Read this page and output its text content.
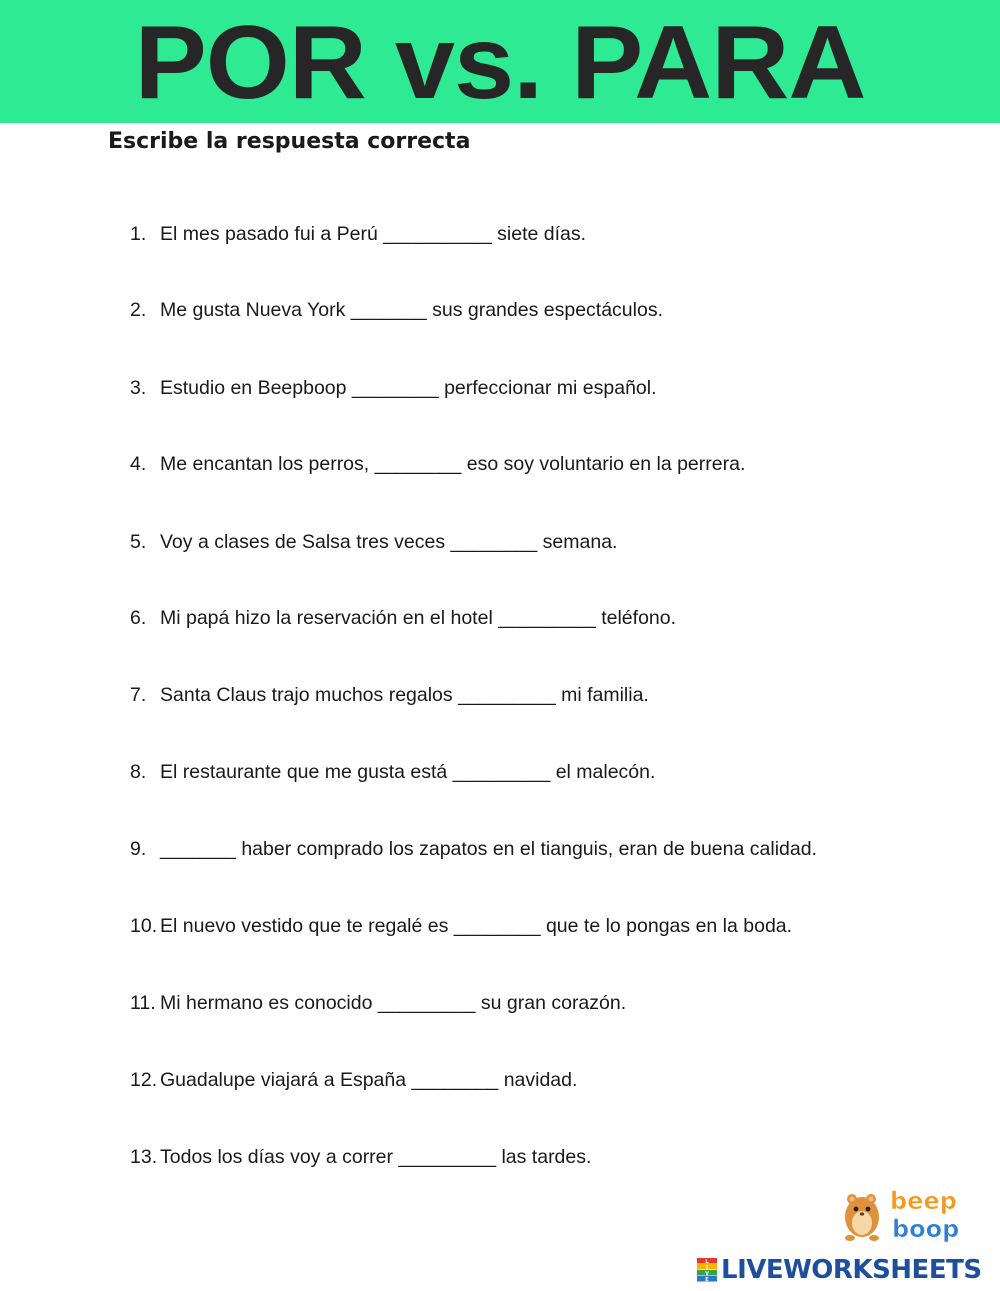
POR vs. PARA
Escribe la respuesta correcta
1. El mes pasado fui a Perú __________ siete días.
2. Me gusta Nueva York _______ sus grandes espectáculos.
3. Estudio en Beepboop ________ perfeccionar mi español.
4. Me encantan los perros, ________ eso soy voluntario en la perrera.
5. Voy a clases de Salsa tres veces ________ semana.
6. Mi papá hizo la reservación en el hotel _________ teléfono.
7. Santa Claus trajo muchos regalos _________ mi familia.
8. El restaurante que me gusta está _________ el malecón.
9. _______ haber comprado los zapatos en el tianguis, eran de buena calidad.
10. El nuevo vestido que te regalé es ________ que te lo pongas en la boda.
11. Mi hermano es conocido _________ su gran corazón.
12. Guadalupe viajará a España ________ navidad.
13. Todos los días voy a correr _________ las tardes.
beep
boop
L
I
V
E LIVEWORKSHEETS
